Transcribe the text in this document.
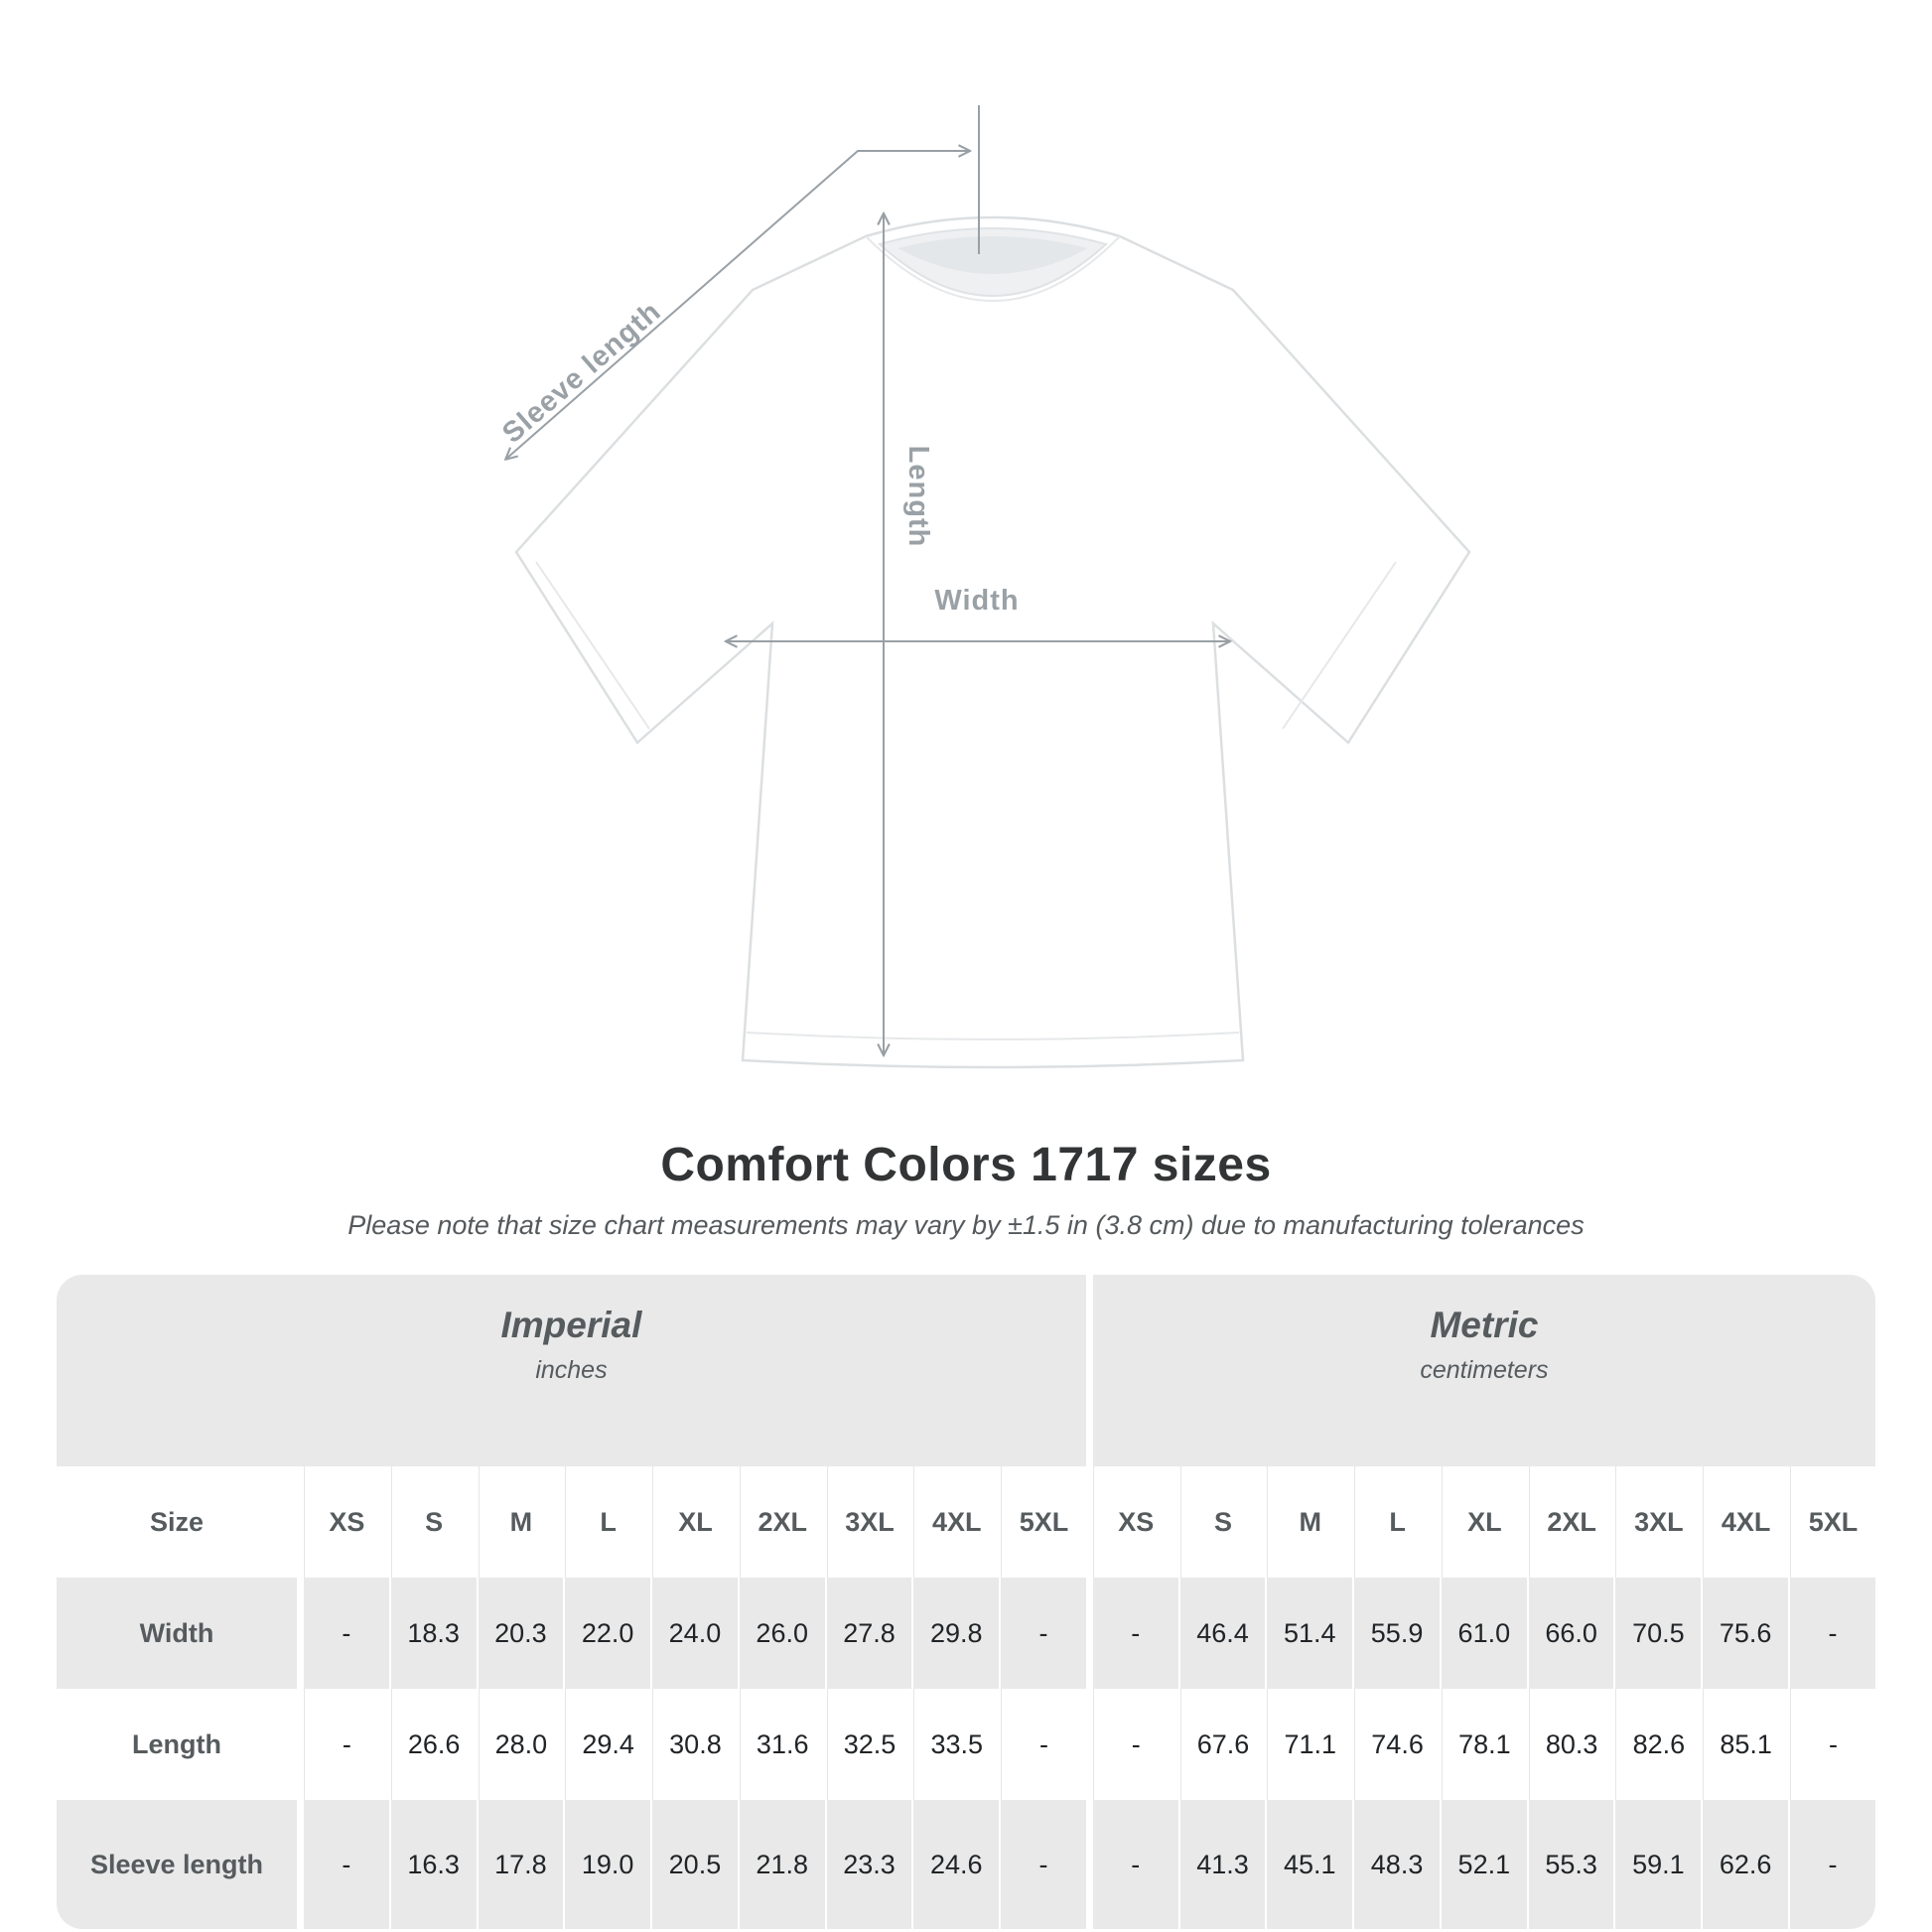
Sleeve length
Length
Width
Comfort Colors 1717 sizes
Please note that size chart measurements may vary by ±1.5 in (3.8 cm) due to manufacturing tolerances
Imperial
inches

Metric
centimeters

Size		XS	S	M	L	XL	2XL	3XL	4XL	5XL		XS	S	M	L	XL	2XL	3XL	4XL	5XL
Width		-	18.3	20.3	22.0	24.0	26.0	27.8	29.8	-		-	46.4	51.4	55.9	61.0	66.0	70.5	75.6	-
Length		-	26.6	28.0	29.4	30.8	31.6	32.5	33.5	-		-	67.6	71.1	74.6	78.1	80.3	82.6	85.1	-
Sleeve length		-	16.3	17.8	19.0	20.5	21.8	23.3	24.6	-		-	41.3	45.1	48.3	52.1	55.3	59.1	62.6	-
